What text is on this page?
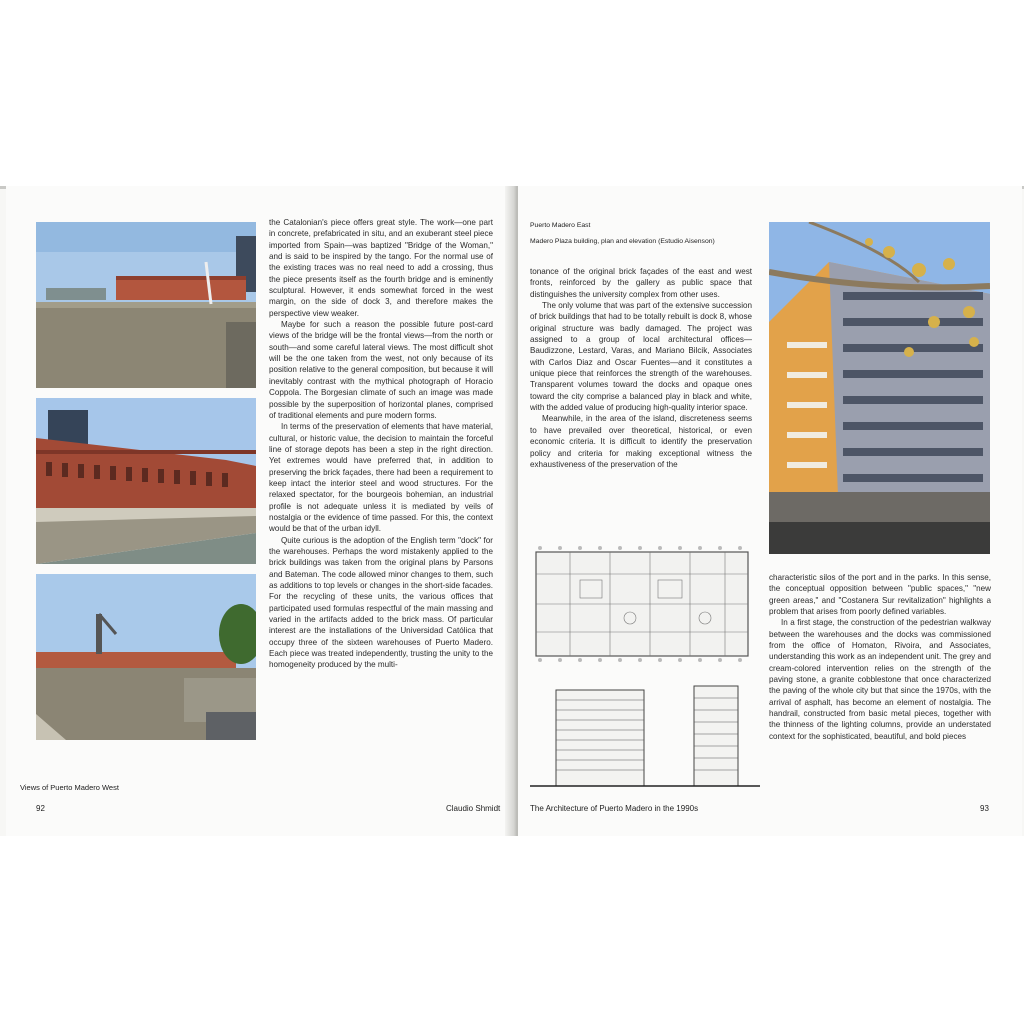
Views of Puerto Madero West
92	Claudio Shmidt

the Catalonian's piece offers great style. The work—one part in concrete, prefabricated in situ, and an exuberant steel piece imported from Spain—was baptized "Bridge of the Woman," and is said to be inspired by the tango. For the normal use of the existing traces was no real need to add a crossing, thus the piece presents itself as the fourth bridge and is eminently sculptural. However, it ends somewhat forced in the west margin, on the side of dock 3, and therefore makes the perspective view weaker.

Maybe for such a reason the possible future post-card views of the bridge will be the frontal views—from the north or south—and some careful lateral views. The most difficult shot will be the one taken from the west, not only because of its position relative to the general composition, but because it will inevitably contrast with the mythical photograph of Horacio Coppola. The Borgesian climate of such an image was made possible by the superposition of horizontal planes, comprised of traditional elements and pure modern forms.

In terms of the preservation of elements that have material, cultural, or historic value, the decision to maintain the forceful line of storage depots has been a step in the right direction. Yet extremes would have preferred that, in addition to preserving the brick façades, there had been a requirement to keep intact the interior steel and wood structures. For the relaxed spectator, for the bourgeois bohemian, an industrial profile is not adequate unless it is mediated by veils of nostalgia or the evidence of time passed. For this, the context would be that of the urban idyll.

Quite curious is the adoption of the English term "dock" for the warehouses. Perhaps the word mistakenly applied to the brick buildings was taken from the original plans by Parsons and Bateman. The code allowed minor changes to them, such as additions to top levels or changes in the short-side facades. For the recycling of these units, the various offices that participated used formulas respectful of the main massing and varied in the artifacts added to the brick mass. Of particular interest are the installations of the Universidad Católica that occupy three of the sixteen warehouses of Puerto Madero. Each piece was treated independently, trusting the unity to the homogeneity produced by the multi-

Puerto Madero East
Madero Plaza building, plan and elevation (Estudio Aisenson)

tonance of the original brick façades of the east and west fronts, reinforced by the gallery as public space that distinguishes the university complex from other uses.

The only volume that was part of the extensive succession of brick buildings that had to be totally rebuilt is dock 8, whose original structure was badly damaged. The project was assigned to a group of local architectural offices—Baudizzone, Lestard, Varas, and Mariano Bilcik, Associates with Carlos Diaz and Oscar Fuentes—and it constitutes a unique piece that reinforces the strength of the warehouses. Transparent volumes toward the docks and opaque ones toward the city comprise a balanced play in black and white, with the added value of producing high-quality interior space.

Meanwhile, in the area of the island, discreteness seems to have prevailed over theoretical, historical, or even economic criteria. It is difficult to identify the preservation policy and criteria for making exceptional witness the exhaustiveness of the preservation of the

characteristic silos of the port and in the parks. In this sense, the conceptual opposition between "public spaces," "new green areas," and "Costanera Sur revitalization" highlights a problem that arises from poorly defined variables.

In a first stage, the construction of the pedestrian walkway between the warehouses and the docks was commissioned from the office of Homaton, Rivoira, and Associates, understanding this work as an independent unit. The grey and cream-colored intervention relies on the strength of the paving stone, a granite cobblestone that once characterized the paving of the whole city but that since the 1970s, with the arrival of asphalt, has become an element of nostalgia. The handrail, constructed from basic metal pieces, together with the thinness of the lighting columns, provide an understated context for the sophisticated, beautiful, and bold pieces

The Architecture of Puerto Madero in the 1990s	93
